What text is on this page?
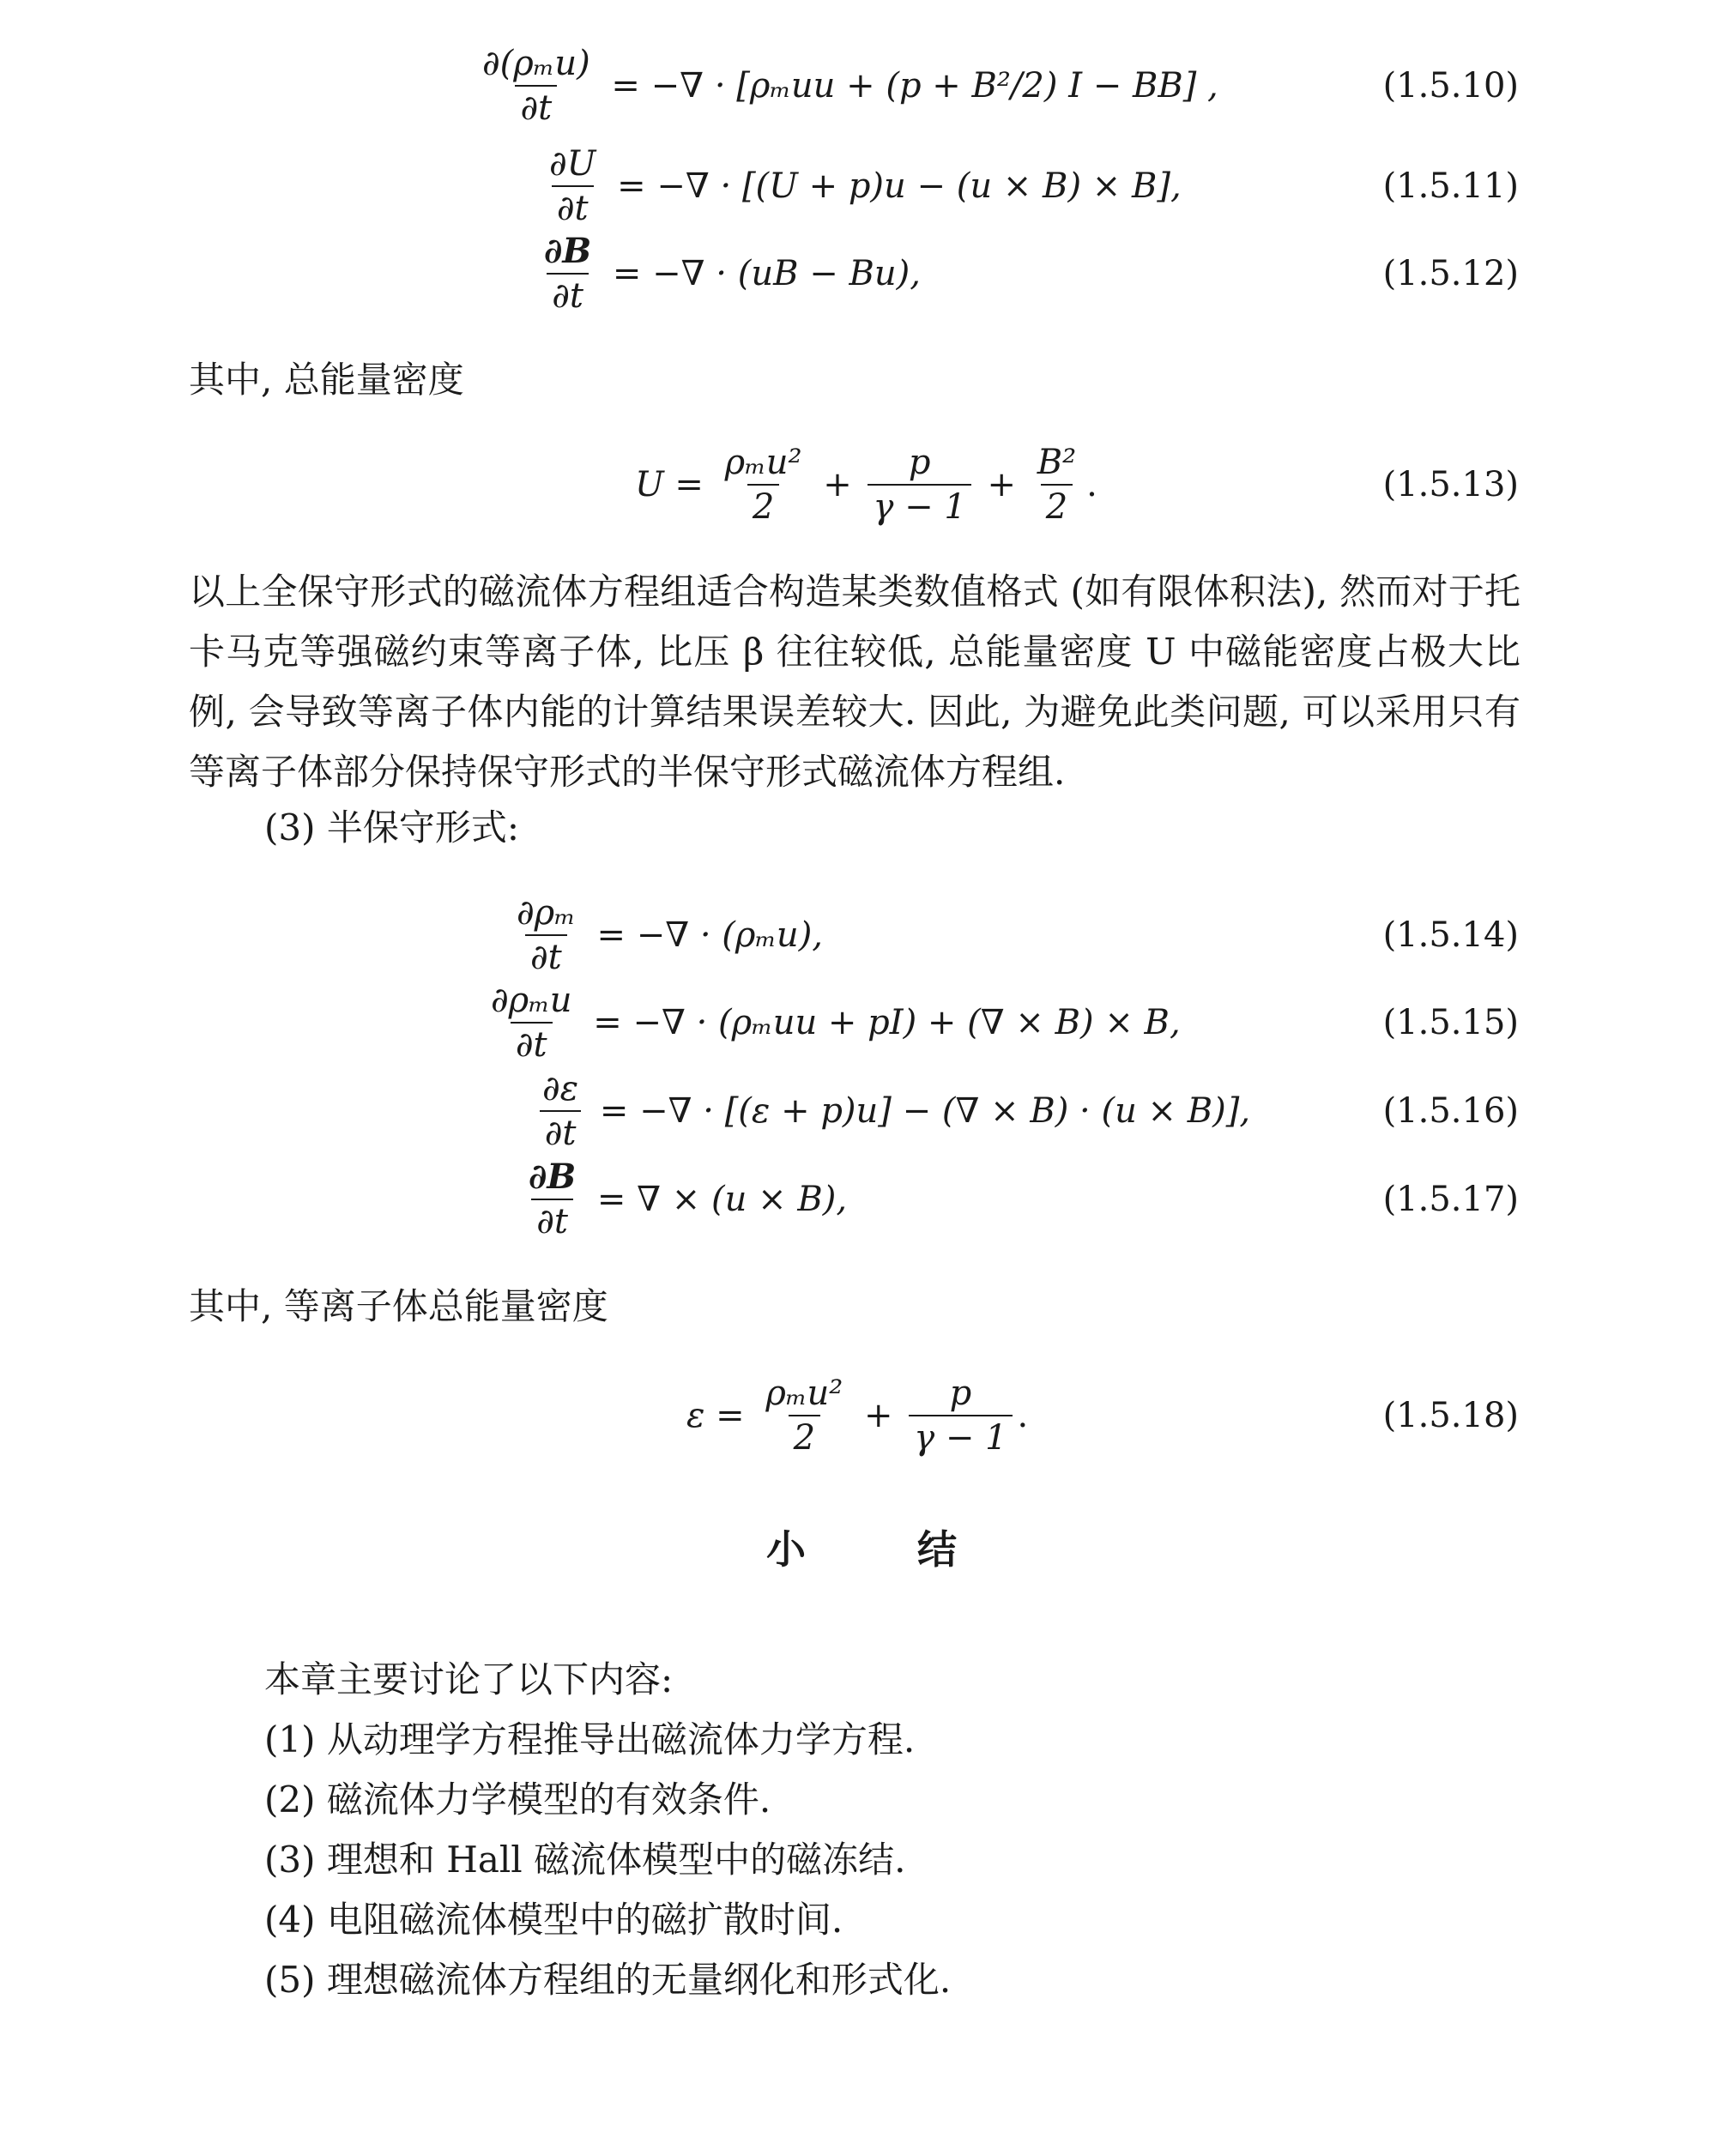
$\frac{\text{∂(ρₘu)}}{\partial t}$ = −∇ · [ρₘuu + (p + B²/2) I − BB] ,	(1.5.10)
$\frac{\partial U}{\partial t}$ = −∇ · [(U + p)u − (u × B) × B],	(1.5.11)
$\frac{\partial B}{\partial t}$ = −∇ · (uB − Bu),	(1.5.12)
其中, 总能量密度
$U = \frac{\text{ρₘu²}}{2} + \frac{p}{\gamma - 1} + \frac{\text{B²}}{2}$ .	(1.5.13)
以上全保守形式的磁流体方程组适合构造某类数值格式 (如有限体积法), 然而对于托卡马克等强磁约束等离子体, 比压 β 往往较低, 总能量密度 U 中磁能密度占极大比例, 会导致等离子体内能的计算结果误差较大. 因此, 为避免此类问题, 可以采用只有等离子体部分保持保守形式的半保守形式磁流体方程组.
(3) 半保守形式:
$\frac{\text{∂ρₘ}}{\partial t}$ = −∇ · (ρₘu),	(1.5.14)
$\frac{\text{∂ρₘu}}{\partial t}$ = −∇ · (ρₘuu + pI) + (∇ × B) × B,	(1.5.15)
$\frac{\partial\varepsilon}{\partial t}$ = −∇ · [(ε + p)u] − (∇ × B) · (u × B)],	(1.5.16)
$\frac{\partial B}{\partial t}$ = ∇ × (u × B),	(1.5.17)
其中, 等离子体总能量密度
$\varepsilon = \frac{\text{ρₘu²}}{2} + \frac{p}{\gamma - 1}$ .	(1.5.18)
小结
本章主要讨论了以下内容:
(1) 从动理学方程推导出磁流体力学方程.
(2) 磁流体力学模型的有效条件.
(3) 理想和 Hall 磁流体模型中的磁冻结.
(4) 电阻磁流体模型中的磁扩散时间.
(5) 理想磁流体方程组的无量纲化和形式化.
